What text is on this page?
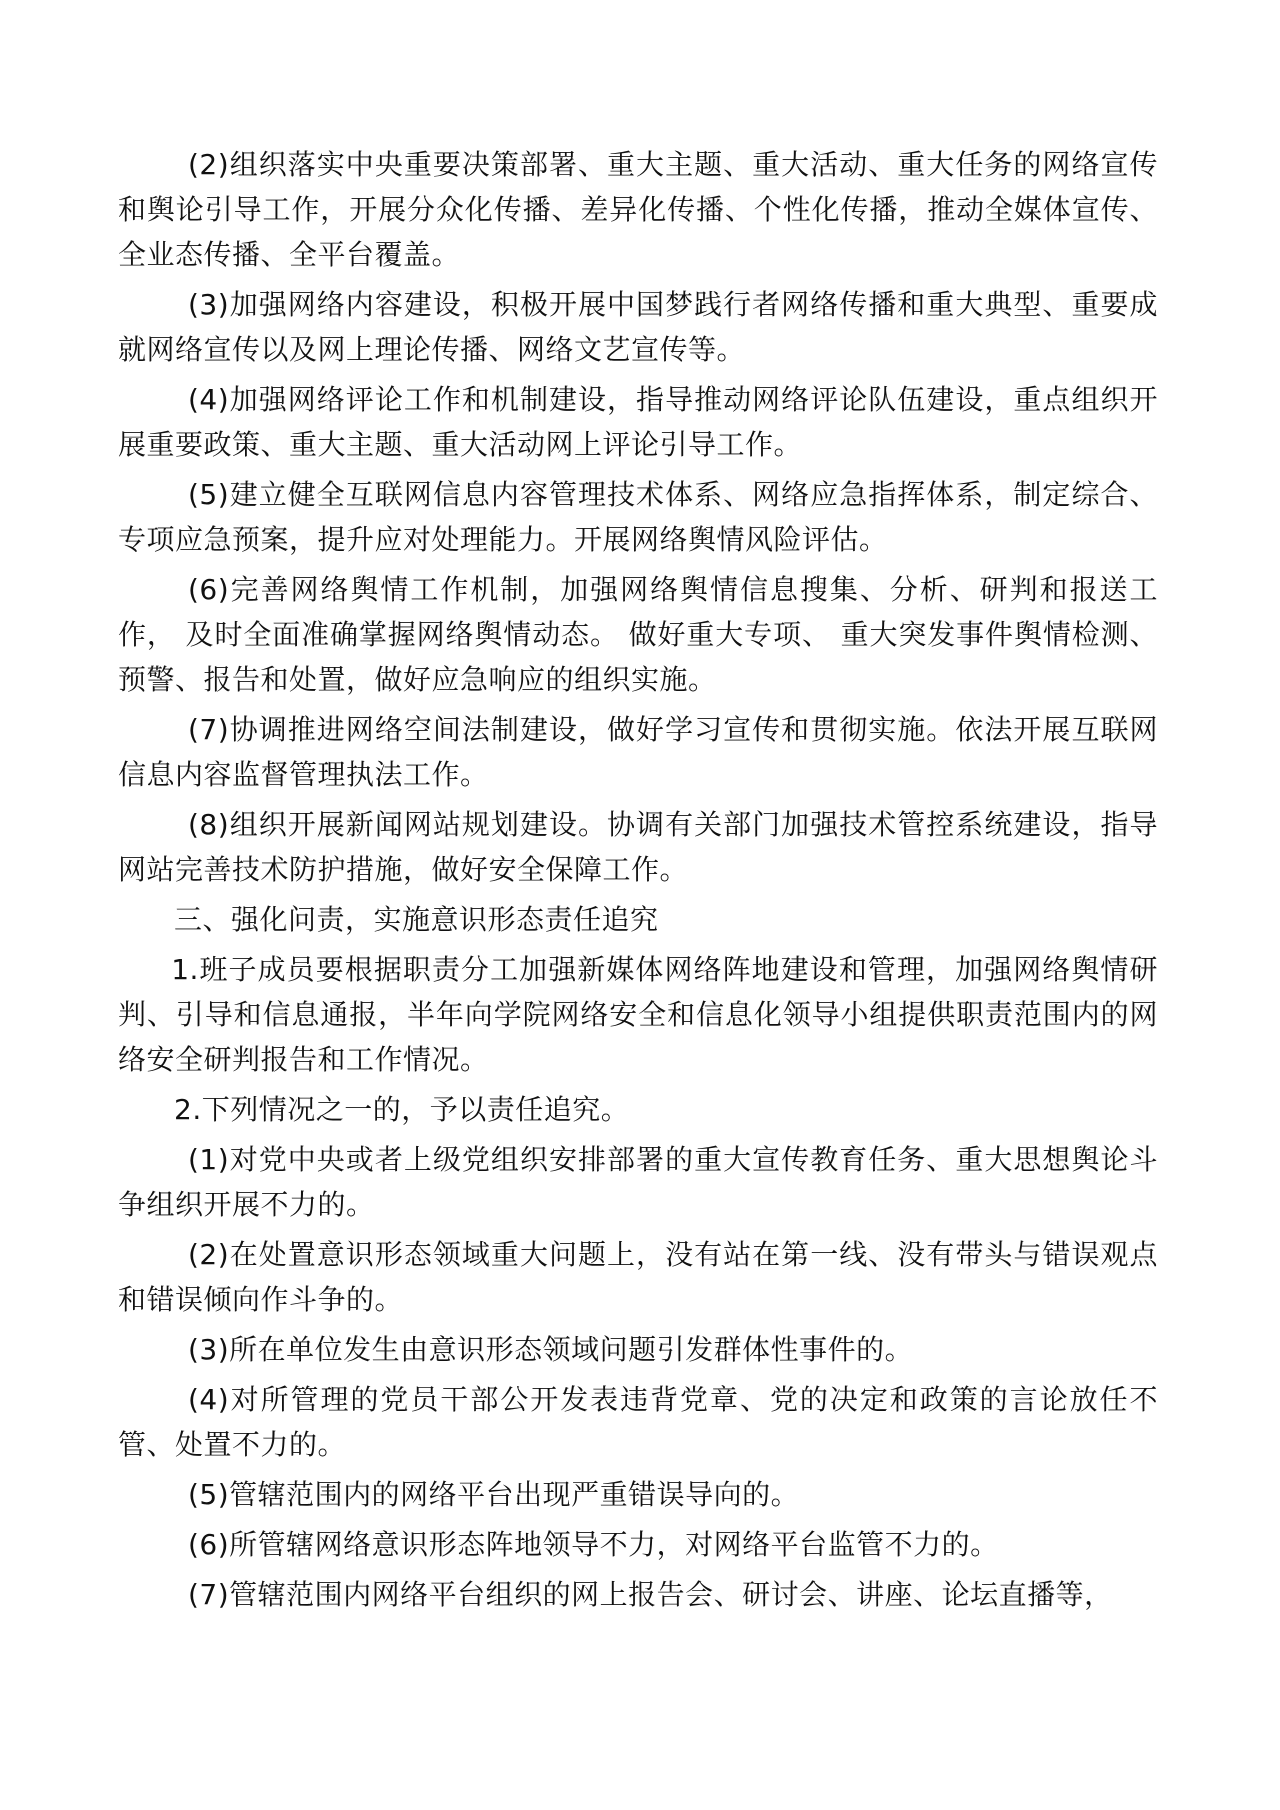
(2)组织落实中央重要决策部署、重大主题、重大活动、重大任务的网络宣传和舆论引导工作，开展分众化传播、差异化传播、个性化传播，推动全媒体宣传、全业态传播、全平台覆盖。

(3)加强网络内容建设，积极开展中国梦践行者网络传播和重大典型、重要成就网络宣传以及网上理论传播、网络文艺宣传等。

(4)加强网络评论工作和机制建设，指导推动网络评论队伍建设，重点组织开展重要政策、重大主题、重大活动网上评论引导工作。

(5)建立健全互联网信息内容管理技术体系、网络应急指挥体系，制定综合、专项应急预案，提升应对处理能力。开展网络舆情风险评估。

(6)完善网络舆情工作机制，加强网络舆情信息搜集、分析、研判和报送工作， 及时全面准确掌握网络舆情动态。 做好重大专项、 重大突发事件舆情检测、预警、报告和处置，做好应急响应的组织实施。

(7)协调推进网络空间法制建设，做好学习宣传和贯彻实施。依法开展互联网信息内容监督管理执法工作。

(8)组织开展新闻网站规划建设。协调有关部门加强技术管控系统建设，指导网站完善技术防护措施，做好安全保障工作。

三、强化问责，实施意识形态责任追究

1.班子成员要根据职责分工加强新媒体网络阵地建设和管理，加强网络舆情研判、引导和信息通报，半年向学院网络安全和信息化领导小组提供职责范围内的网络安全研判报告和工作情况。

2.下列情况之一的，予以责任追究。

(1)对党中央或者上级党组织安排部署的重大宣传教育任务、重大思想舆论斗争组织开展不力的。

(2)在处置意识形态领域重大问题上，没有站在第一线、没有带头与错误观点和错误倾向作斗争的。

(3)所在单位发生由意识形态领域问题引发群体性事件的。

(4)对所管理的党员干部公开发表违背党章、党的决定和政策的言论放任不管、处置不力的。

(5)管辖范围内的网络平台出现严重错误导向的。

(6)所管辖网络意识形态阵地领导不力，对网络平台监管不力的。

(7)管辖范围内网络平台组织的网上报告会、研讨会、讲座、论坛直播等，
